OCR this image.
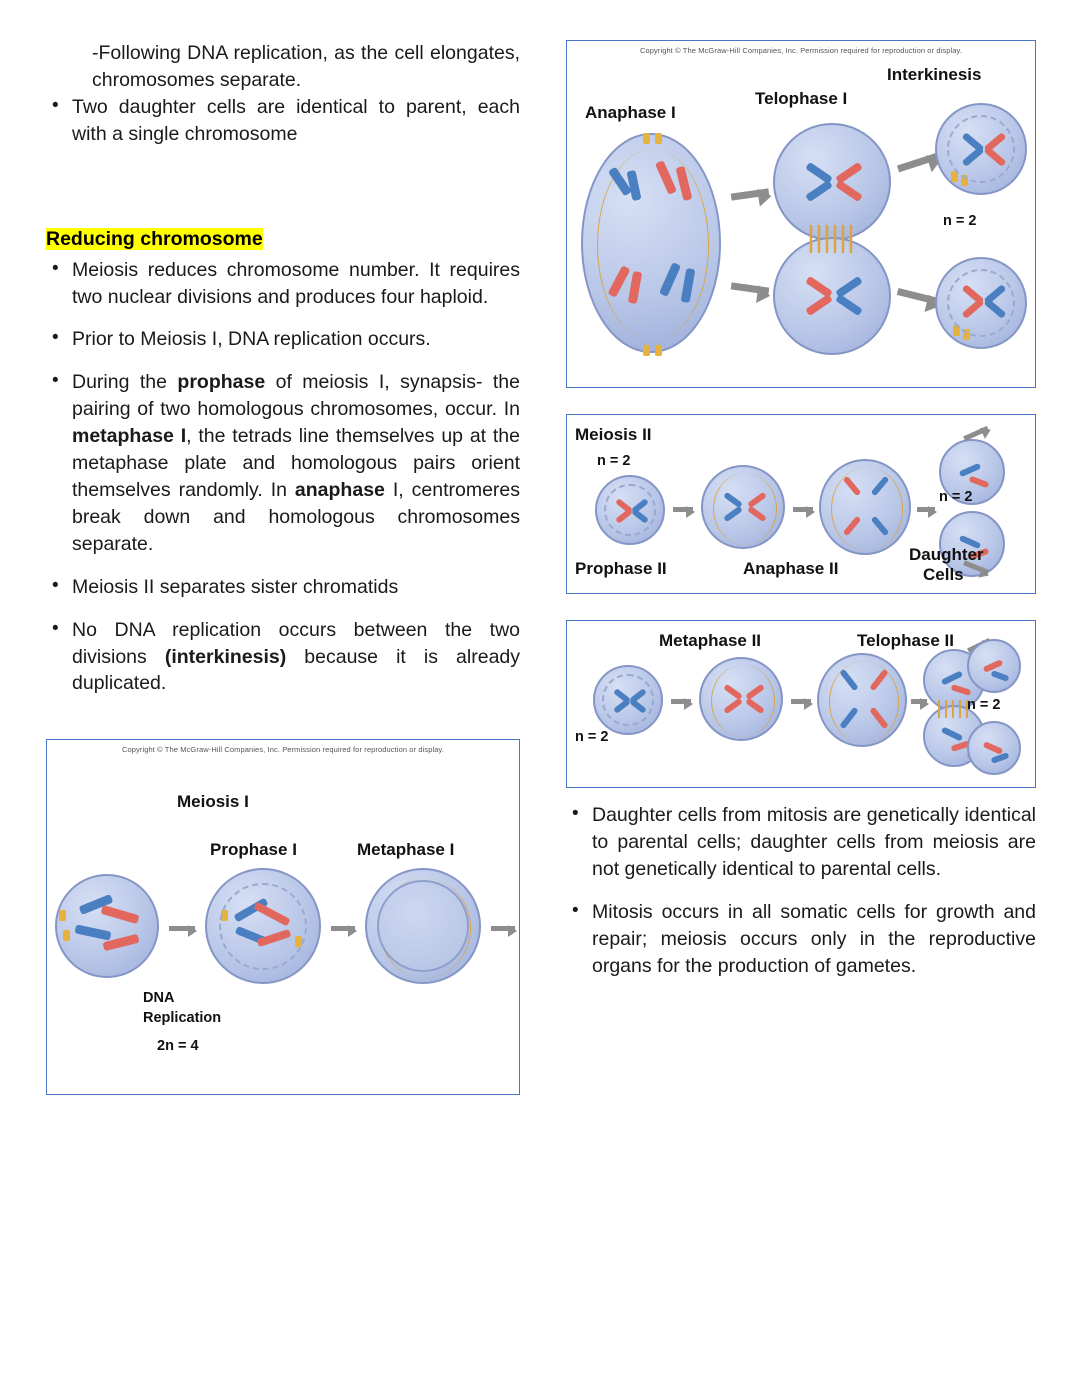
-Following DNA replication, as the cell elongates, chromosomes separate.

• Two daughter cells are identical to parent, each with a single chromosome
Reducing chromosome
• Meiosis reduces chromosome number. It requires two nuclear divisions and produces four haploid.
• Prior to Meiosis I, DNA replication occurs.
• During the prophase of meiosis I, synapsis- the pairing of two homologous chromosomes, occur. In metaphase I, the tetrads line themselves up at the metaphase plate and homologous pairs orient themselves randomly. In anaphase I, centromeres break down and homologous chromosomes separate.
• Meiosis II separates sister chromatids
• No DNA replication occurs between the two divisions (interkinesis) because it is already duplicated.
Copyright © The McGraw-Hill Companies, Inc. Permission required for reproduction or display.
Meiosis I
Prophase I	Metaphase I
DNA
Replication
2n = 4
Copyright © The McGraw-Hill Companies, Inc. Permission required for reproduction or display.
Anaphase I
Telophase I
Interkinesis
n = 2
Meiosis II
n = 2
n = 2
Prophase II	Anaphase II
Daughter
Cells
Metaphase II	Telophase II
n = 2
n = 2
• Daughter cells from mitosis are genetically identical to parental cells; daughter cells from meiosis are not genetically identical to parental cells.
• Mitosis occurs in all somatic cells for growth and repair; meiosis occurs only in the reproductive organs for the production of gametes.
